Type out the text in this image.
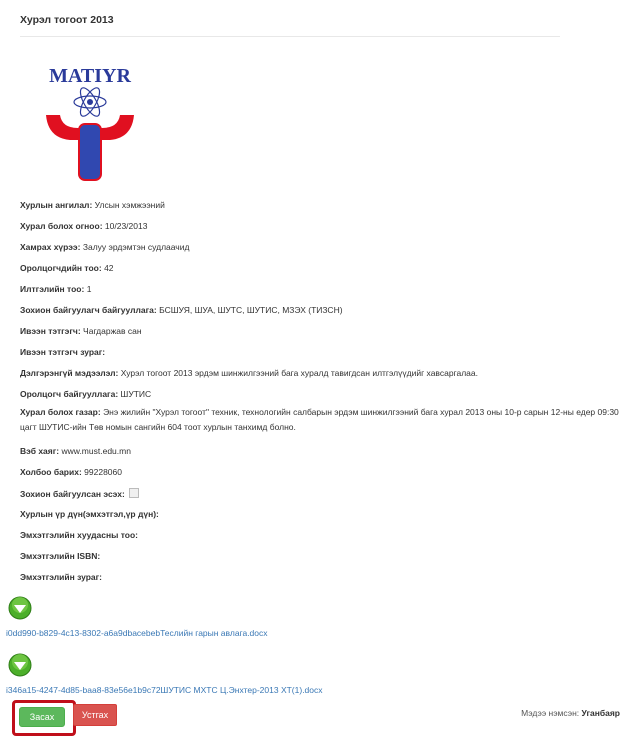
Хурэл тогоот 2013
MATIYR
Хурлын ангилал: Улсын хэмжээний
Хурал болох огноо: 10/23/2013
Хамрах хүрээ: Залуу эрдэмтэн судлаачид
Оролцогчдийн тоо: 42
Илтгэлийн тоо: 1
Зохион байгуулагч байгууллага: БСШУЯ, ШУА, ШУТС, ШУТИС, МЗЭХ (ТИЗСН)
Ивээн тэтгэгч: Чагдаржав сан
Ивээн тэтгэгч зураг:
Дэлгэрэнгүй мэдээлэл: Хурэл тогоот 2013 эрдэм шинжилгээний бага хуралд тавигдсан илтгэлүүдийг хавсаргалаа.
Оролцогч байгууллага: ШУТИС
Хурал болох газар: Энэ жилийн "Хурэл тогоот" техник, технологийн салбарын эрдэм шинжилгээний бага хурал 2013 оны 10-р сарын 12-ны едер 09:30 цагт ШУТИС-ийн Төв номын сангийн 604 тоот хурлын танхимд болно.
Вэб хаяг: www.must.edu.mn
Холбоо барих: 99228060
Зохион байгуулсан эсэх:
Хурлын үр дүн(эмхэтгэл,үр дүн):
Эмхэтгэлийн хуудасны тоо:
Эмхэтгэлийн ISBN:
Эмхэтгэлийн зураг:
i0dd990-b829-4c13-8302-a6a9dbacebebТеслийн гарын авлага.docx
i346a15-4247-4d85-baa8-83e56e1b9c72ШУТИС МХТС Ц.Энхтер-2013 ХТ(1).docx
Засах	Устгах	Мэдээ нэмсэн: Уганбаяр
